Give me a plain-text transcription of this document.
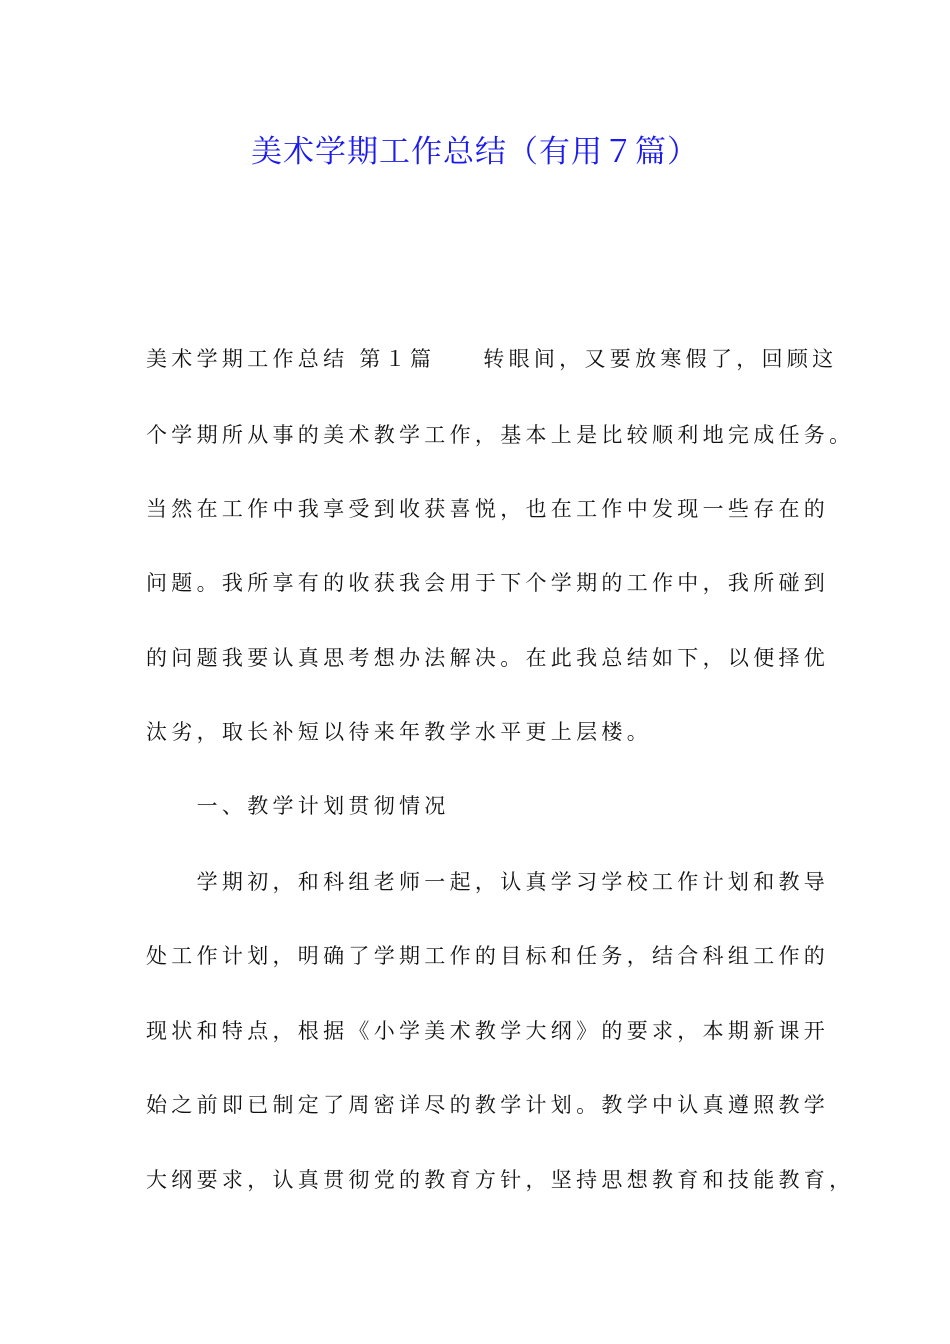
美术学期工作总结（有用７篇）

美术学期工作总结 第１篇 转眼间，又要放寒假了，回顾这

个学期所从事的美术教学工作，基本上是比较顺利地完成任务。

当然在工作中我享受到收获喜悦，也在工作中发现一些存在的

问题。我所享有的收获我会用于下个学期的工作中，我所碰到

的问题我要认真思考想办法解决。在此我总结如下，以便择优

汰劣，取长补短以待来年教学水平更上层楼。

　　一、教学计划贯彻情况

　　学期初，和科组老师一起，认真学习学校工作计划和教导

处工作计划，明确了学期工作的目标和任务，结合科组工作的

现状和特点，根据《小学美术教学大纲》的要求，本期新课开

始之前即已制定了周密详尽的教学计划。教学中认真遵照教学

大纲要求，认真贯彻党的教育方针，坚持思想教育和技能教育，
